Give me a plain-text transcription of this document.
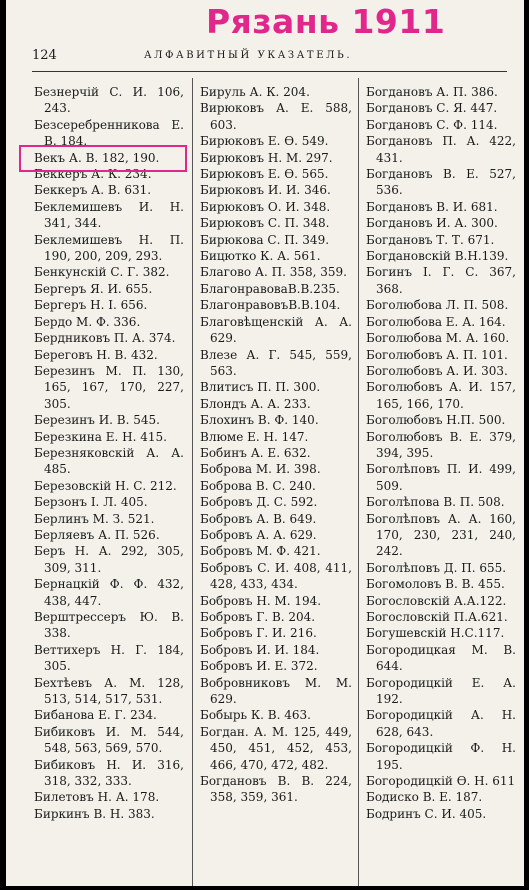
Рязань 1911
124	АЛФАВИТНЫЙ УКАЗАТЕЛЬ.
Безнерчій С. И. 106, 243.
Безсеребренникова Е. В. 184.
Векъ А. В. 182, 190.
Беккеръ А. К. 234.
Беккеръ А. В. 631.
Беклемишевъ И. Н. 341, 344.
Беклемишевъ Н. П. 190, 200, 209, 293.
Бенкунскій С. Г. 382.
Бергеръ Я. И. 655.
Бергеръ Н. І. 656.
Бердо М. Ф. 336.
Бердниковъ П. А. 374.
Береговъ Н. В. 432.
Березинъ М. П. 130, 165, 167, 170, 227, 305.
Березинъ И. В. 545.
Березкина Е. Н. 415.
Березняковскій А. А. 485.
Березовскій Н. С. 212.
Берзонъ І. Л. 405.
Берлинъ М. З. 521.
Берляевъ А. П. 526.
Беръ Н. А. 292, 305, 309, 311.
Бернацкій Ф. Ф. 432, 438, 447.
Верштрессеръ Ю. В. 338.
Веттихеръ Н. Г. 184, 305.
Бехтѣевъ А. М. 128, 513, 514, 517, 531.
Бибанова Е. Г. 234.
Бибиковъ И. М. 544, 548, 563, 569, 570.
Бибиковъ Н. И. 316, 318, 332, 333.
Билетовъ Н. А. 178.
Биркинъ В. Н. 383.
Бируль А. К. 204.
Вирюковъ А. Е. 588, 603.
Бирюковъ Е. Ө. 549.
Бирюковъ Н. М. 297.
Бирюковъ Е. Ө. 565.
Бирюковъ И. И. 346.
Бирюковъ О. И. 348.
Бирюковъ С. П. 348.
Бирюкова С. П. 349.
Бицютко К. А. 561.
Благово А. П. 358, 359.
БлагонравоваВ.В.235.
БлагонравовъВ.В.104.
Благовѣщенскій А. А. 629.
Влезе А. Г. 545, 559, 563.
Влитисъ П. П. 300.
Блондъ А. А. 233.
Блохинъ В. Ф. 140.
Влюме Е. Н. 147.
Бобинъ А. Е. 632.
Боброва М. И. 398.
Боброва В. С. 240.
Бобровъ Д. С. 592.
Бобровъ А. В. 649.
Бобровъ А. А. 629.
Бобровъ М. Ф. 421.
Бобровъ С. И. 408, 411, 428, 433, 434.
Бобровъ Н. М. 194.
Бобровъ Г. В. 204.
Бобровъ Г. И. 216.
Бобровъ И. И. 184.
Бобровъ И. Е. 372.
Вобровниковъ М. М. 629.
Бобырь К. В. 463.
Богдан. А. М. 125, 449, 450, 451, 452, 453, 466, 470, 472, 482.
Богдановъ В. В. 224, 358, 359, 361.
Богдановъ А. П. 386.
Богдановъ С. Я. 447.
Богдановъ С. Ф. 114.
Богдановъ П. А. 422, 431.
Богдановъ В. Е. 527, 536.
Богдановъ В. И. 681.
Богдановъ И. А. 300.
Богдановъ Т. Т. 671.
Богдановскій В.Н.139.
Богинъ І. Г. С. 367, 368.
Боголюбова Л. П. 508.
Боголюбова Е. А. 164.
Боголюбова М. А. 160.
Боголюбовъ А. П. 101.
Боголюбовъ А. И. 303.
Боголюбовъ А. И. 157, 165, 166, 170.
Боголюбовъ Н.П. 500.
Боголюбовъ В. Е. 379, 394, 395.
Боголѣповъ П. И. 499, 509.
Боголѣпова В. П. 508.
Боголѣповъ А. А. 160, 170, 230, 231, 240, 242.
Боголѣповъ Д. П. 655.
Богомоловъ В. В. 455.
Богословскій А.А.122.
Богословскій П.А.621.
Богушевскій Н.С.117.
Богородицкая М. В. 644.
Богородицкій Е. А. 192.
Богородицкій А. Н. 628, 643.
Богородицкій Ф. Н. 195.
Богородицкій Ѳ. Н. 611
Бодиско В. Е. 187.
Бодринъ С. И. 405.
